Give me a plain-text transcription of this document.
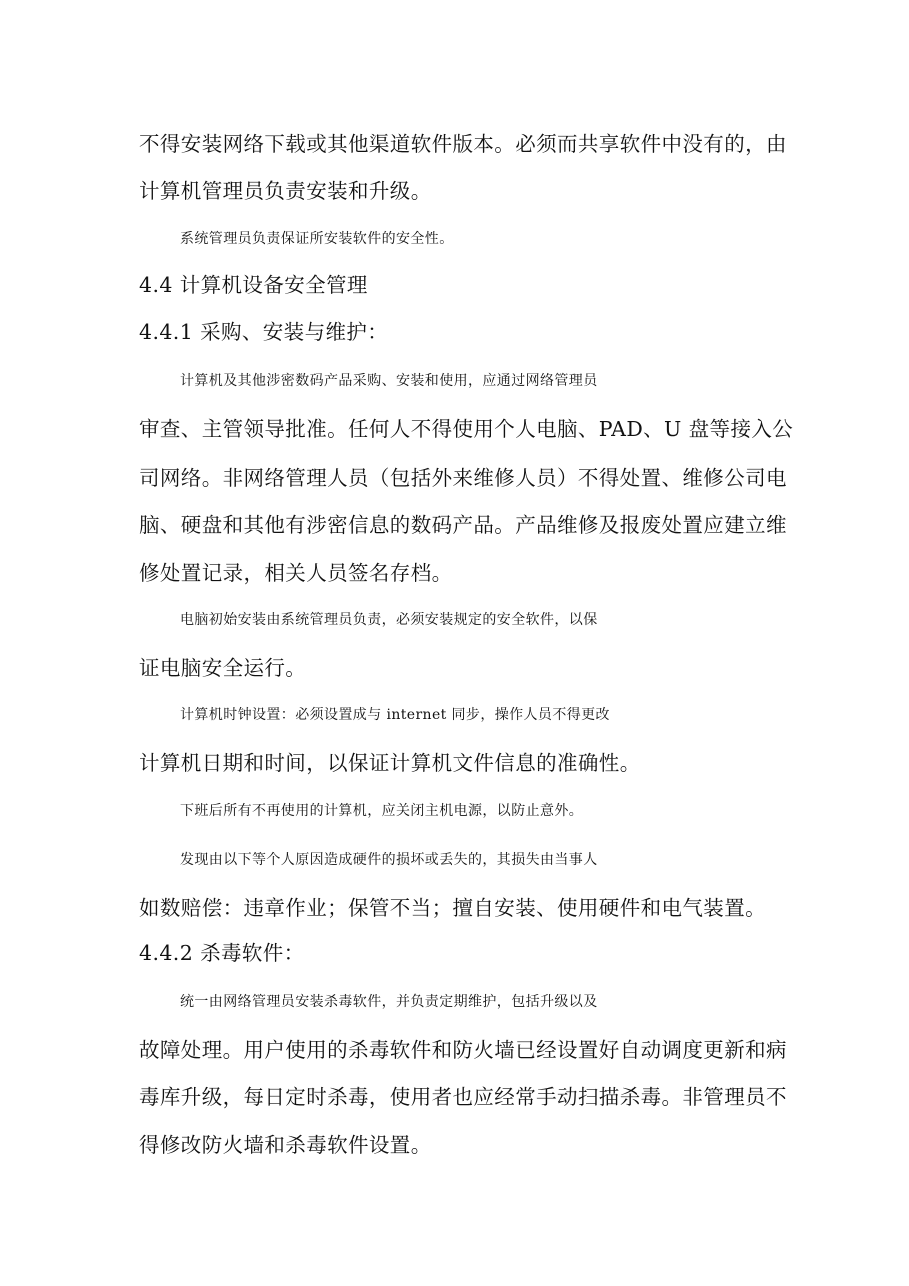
不得安装网络下载或其他渠道软件版本。必须而共享软件中没有的，由
计算机管理员负责安装和升级。
系统管理员负责保证所安装软件的安全性。
4.4 计算机设备安全管理
4.4.1 采购、安装与维护：
计算机及其他涉密数码产品采购、安装和使用，应通过网络管理员
审查、主管领导批准。任何人不得使用个人电脑、PAD、U 盘等接入公
司网络。非网络管理人员（包括外来维修人员）不得处置、维修公司电
脑、硬盘和其他有涉密信息的数码产品。产品维修及报废处置应建立维
修处置记录，相关人员签名存档。
电脑初始安装由系统管理员负责，必须安装规定的安全软件，以保
证电脑安全运行。
计算机时钟设置：必须设置成与 internet 同步，操作人员不得更改
计算机日期和时间，以保证计算机文件信息的准确性。
下班后所有不再使用的计算机，应关闭主机电源，以防止意外。
发现由以下等个人原因造成硬件的损坏或丢失的，其损失由当事人
如数赔偿：违章作业；保管不当；擅自安装、使用硬件和电气装置。
4.4.2 杀毒软件：
统一由网络管理员安装杀毒软件，并负责定期维护，包括升级以及
故障处理。用户使用的杀毒软件和防火墙已经设置好自动调度更新和病
毒库升级，每日定时杀毒，使用者也应经常手动扫描杀毒。非管理员不
得修改防火墙和杀毒软件设置。
